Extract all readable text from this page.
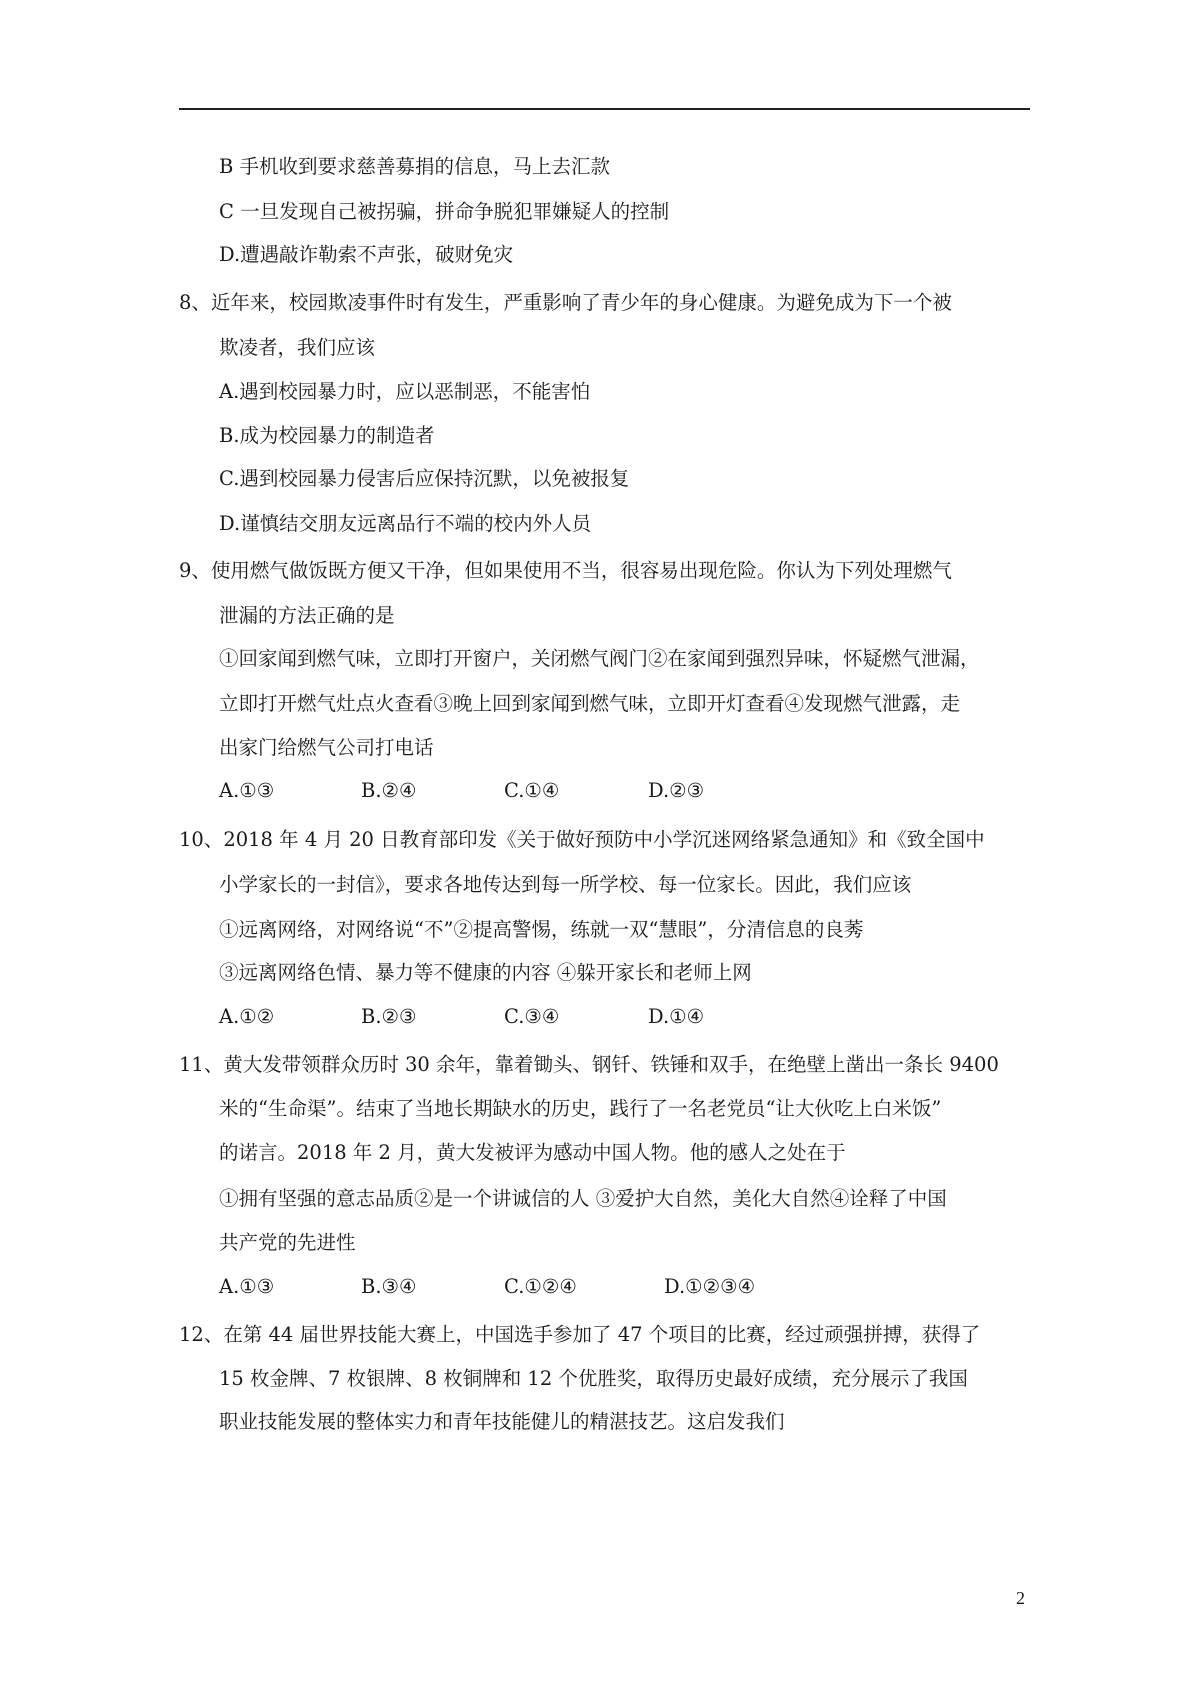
B 手机收到要求慈善募捐的信息，马上去汇款
C 一旦发现自己被拐骗，拼命争脱犯罪嫌疑人的控制
D.遭遇敲诈勒索不声张，破财免灾
8、近年来，校园欺凌事件时有发生，严重影响了青少年的身心健康。为避免成为下一个被
欺凌者，我们应该
A.遇到校园暴力时，应以恶制恶，不能害怕
B.成为校园暴力的制造者
C.遇到校园暴力侵害后应保持沉默，以免被报复
D.谨慎结交朋友远离品行不端的校内外人员
9、使用燃气做饭既方便又干净，但如果使用不当，很容易出现危险。你认为下列处理燃气
泄漏的方法正确的是
①回家闻到燃气味，立即打开窗户，关闭燃气阀门②在家闻到强烈异味，怀疑燃气泄漏，
立即打开燃气灶点火查看③晚上回到家闻到燃气味，立即开灯查看④发现燃气泄露，走
出家门给燃气公司打电话
A.①③	B.②④	C.①④	D.②③
10、2018 年 4 月 20 日教育部印发《关于做好预防中小学沉迷网络紧急通知》和《致全国中
小学家长的一封信》，要求各地传达到每一所学校、每一位家长。因此，我们应该
①远离网络，对网络说“不”②提高警惕，练就一双“慧眼”，分清信息的良莠
③远离网络色情、暴力等不健康的内容 ④躲开家长和老师上网
A.①②	B.②③	C.③④	D.①④
11、黄大发带领群众历时 30 余年，靠着锄头、钢钎、铁锤和双手，在绝壁上凿出一条长 9400
米的“生命渠”。结束了当地长期缺水的历史，践行了一名老党员“让大伙吃上白米饭”
的诺言。2018 年 2 月，黄大发被评为感动中国人物。他的感人之处在于
①拥有坚强的意志品质②是一个讲诚信的人 ③爱护大自然，美化大自然④诠释了中国
共产党的先进性
A.①③	B.③④	C.①②④	D.①②③④
12、在第 44 届世界技能大赛上，中国选手参加了 47 个项目的比赛，经过顽强拼搏，获得了
15 枚金牌、7 枚银牌、8 枚铜牌和 12 个优胜奖，取得历史最好成绩，充分展示了我国
职业技能发展的整体实力和青年技能健儿的精湛技艺。这启发我们
2
